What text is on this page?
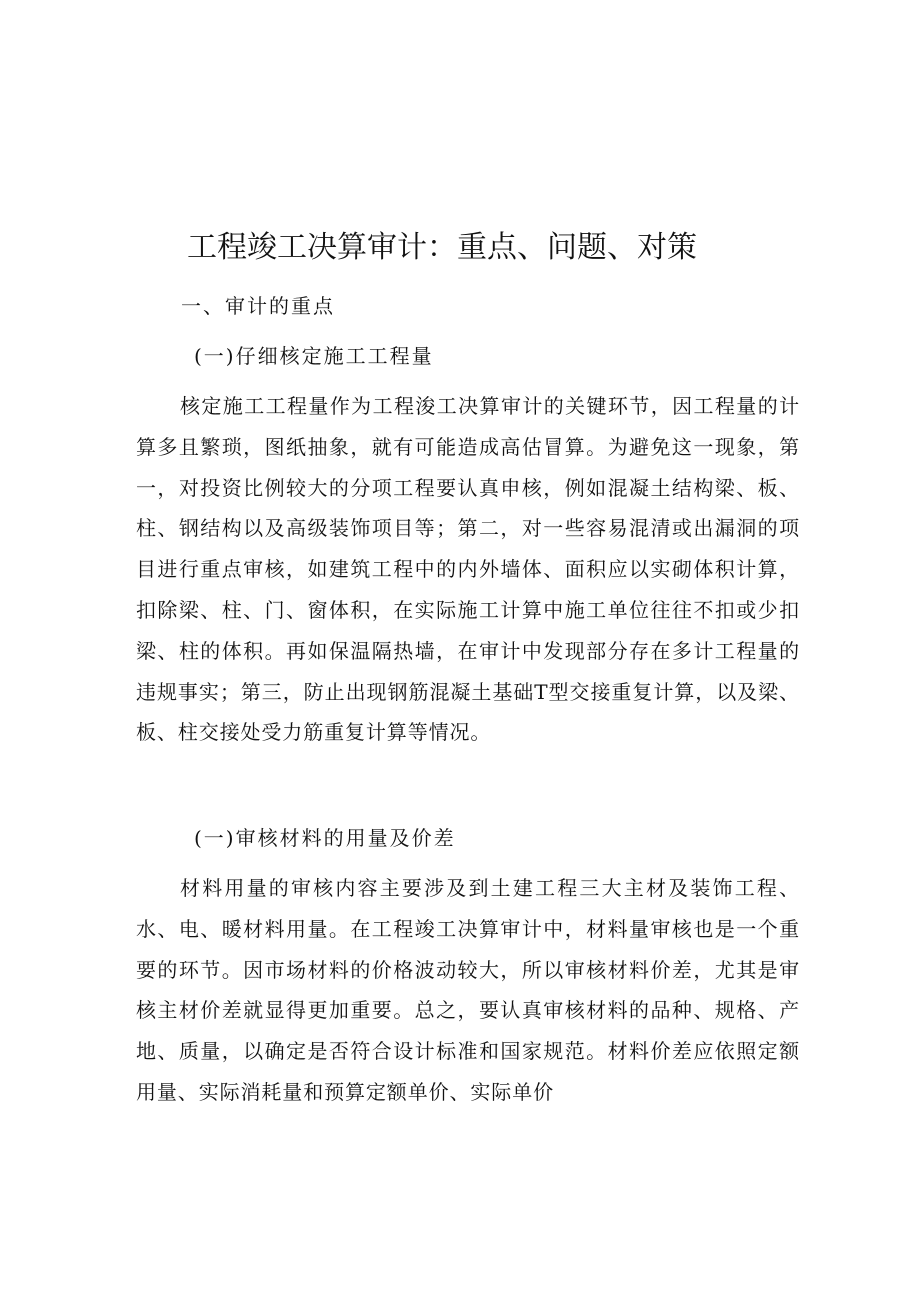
工程竣工决算审计：重点、问题、对策
一、审计的重点
(一)仔细核定施工工程量

核定施工工程量作为工程浚工决算审计的关键环节，因工程量的计算多且繁琐，图纸抽象，就有可能造成高估冒算。为避免这一现象，第一，对投资比例较大的分项工程要认真申核，例如混凝土结构梁、板、柱、钢结构以及高级装饰项目等；第二，对一些容易混清或出漏洞的项目进行重点审核，如建筑工程中的内外墙体、面积应以实砌体积计算，扣除梁、柱、门、窗体积，在实际施工计算中施工单位往往不扣或少扣梁、柱的体积。再如保温隔热墙，在审计中发现部分存在多计工程量的违规事实；第三，防止出现钢筋混凝土基础T型交接重复计算，以及梁、板、柱交接处受力筋重复计算等情况。

(一)审核材料的用量及价差

材料用量的审核内容主要涉及到土建工程三大主材及装饰工程、水、电、暖材料用量。在工程竣工决算审计中，材料量审核也是一个重要的环节。因市场材料的价格波动较大，所以审核材料价差，尤其是审核主材价差就显得更加重要。总之，要认真审核材料的品种、规格、产地、质量，以确定是否符合设计标准和国家规范。材料价差应依照定额用量、实际消耗量和预算定额单价、实际单价
